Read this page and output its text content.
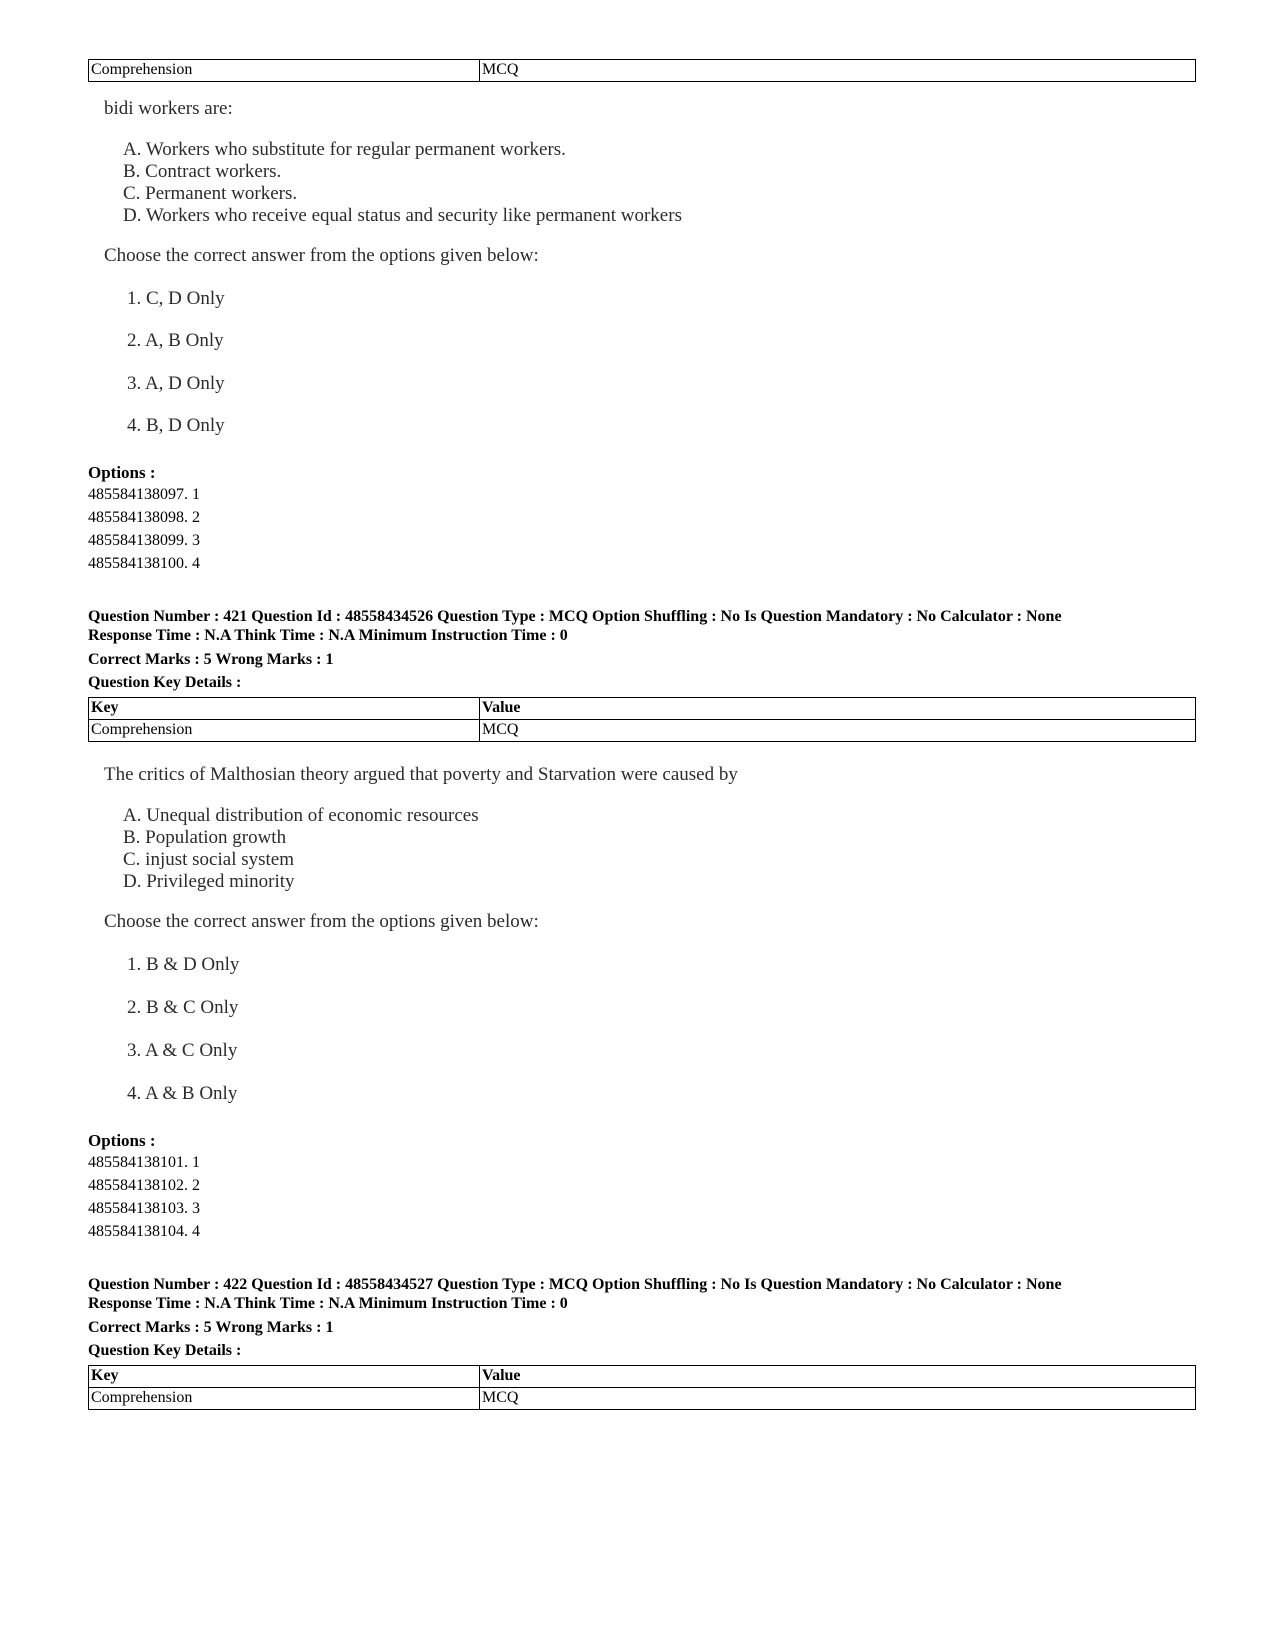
Comprehension	MCQ
bidi workers are:
A. Workers who substitute for regular permanent workers.
B. Contract workers.
C. Permanent workers.
D. Workers who receive equal status and security like permanent workers
Choose the correct answer from the options given below:
1. C, D Only
2. A, B Only
3. A, D Only
4. B, D Only
Options :
485584138097. 1
485584138098. 2
485584138099. 3
485584138100. 4
Question Number : 421 Question Id : 48558434526 Question Type : MCQ Option Shuffling : No Is Question Mandatory : No Calculator : None
Response Time : N.A Think Time : N.A Minimum Instruction Time : 0
Correct Marks : 5 Wrong Marks : 1
Question Key Details :
Key	Value
Comprehension	MCQ
The critics of Malthosian theory argued that poverty and Starvation were caused by
A. Unequal distribution of economic resources
B. Population growth
C. injust social system
D. Privileged minority
Choose the correct answer from the options given below:
1. B & D Only
2. B & C Only
3. A & C Only
4. A & B Only
Options :
485584138101. 1
485584138102. 2
485584138103. 3
485584138104. 4
Question Number : 422 Question Id : 48558434527 Question Type : MCQ Option Shuffling : No Is Question Mandatory : No Calculator : None
Response Time : N.A Think Time : N.A Minimum Instruction Time : 0
Correct Marks : 5 Wrong Marks : 1
Question Key Details :
Key	Value
Comprehension	MCQ
